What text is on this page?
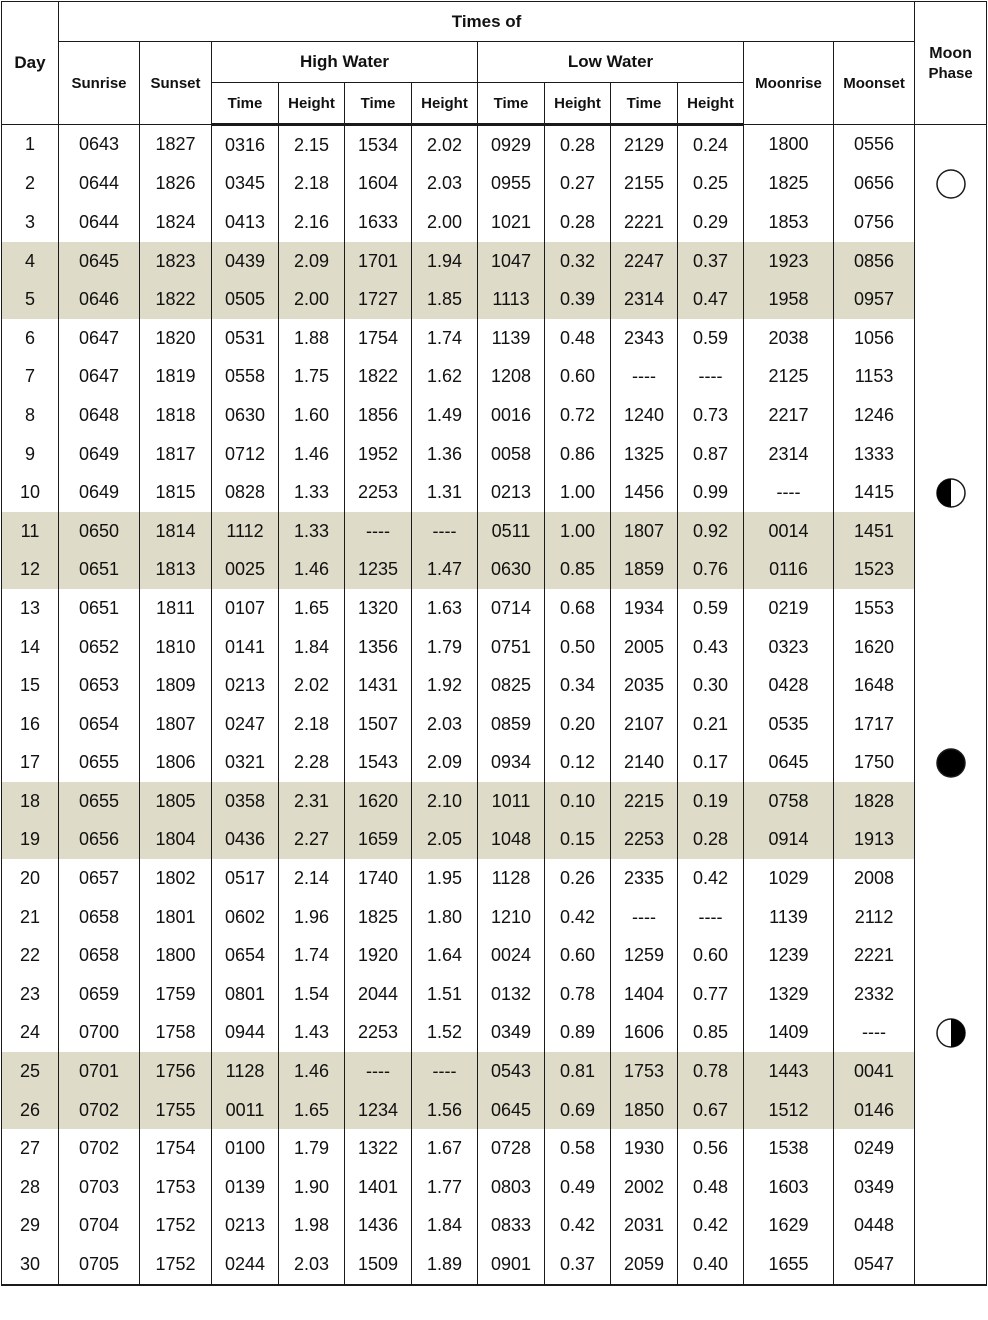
Day	Times of												Moon
Phase
	Sunrise	Sunset	High Water				Low Water				Moonrise	Moonset	
			Time	Height	Time	Height	Time	Height	Time	Height			
1	0643	1827	0316	2.15	1534	2.02	0929	0.28	2129	0.24	1800	0556	
2	0644	1826	0345	2.18	1604	2.03	0955	0.27	2155	0.25	1825	0656	

3	0644	1824	0413	2.16	1633	2.00	1021	0.28	2221	0.29	1853	0756	
4	0645	1823	0439	2.09	1701	1.94	1047	0.32	2247	0.37	1923	0856	
5	0646	1822	0505	2.00	1727	1.85	1113	0.39	2314	0.47	1958	0957	
6	0647	1820	0531	1.88	1754	1.74	1139	0.48	2343	0.59	2038	1056	
7	0647	1819	0558	1.75	1822	1.62	1208	0.60	----	----	2125	1153	
8	0648	1818	0630	1.60	1856	1.49	0016	0.72	1240	0.73	2217	1246	
9	0649	1817	0712	1.46	1952	1.36	0058	0.86	1325	0.87	2314	1333	
10	0649	1815	0828	1.33	2253	1.31	0213	1.00	1456	0.99	----	1415	

11	0650	1814	1112	1.33	----	----	0511	1.00	1807	0.92	0014	1451	
12	0651	1813	0025	1.46	1235	1.47	0630	0.85	1859	0.76	0116	1523	
13	0651	1811	0107	1.65	1320	1.63	0714	0.68	1934	0.59	0219	1553	
14	0652	1810	0141	1.84	1356	1.79	0751	0.50	2005	0.43	0323	1620	
15	0653	1809	0213	2.02	1431	1.92	0825	0.34	2035	0.30	0428	1648	
16	0654	1807	0247	2.18	1507	2.03	0859	0.20	2107	0.21	0535	1717	
17	0655	1806	0321	2.28	1543	2.09	0934	0.12	2140	0.17	0645	1750	

18	0655	1805	0358	2.31	1620	2.10	1011	0.10	2215	0.19	0758	1828	
19	0656	1804	0436	2.27	1659	2.05	1048	0.15	2253	0.28	0914	1913	
20	0657	1802	0517	2.14	1740	1.95	1128	0.26	2335	0.42	1029	2008	
21	0658	1801	0602	1.96	1825	1.80	1210	0.42	----	----	1139	2112	
22	0658	1800	0654	1.74	1920	1.64	0024	0.60	1259	0.60	1239	2221	
23	0659	1759	0801	1.54	2044	1.51	0132	0.78	1404	0.77	1329	2332	
24	0700	1758	0944	1.43	2253	1.52	0349	0.89	1606	0.85	1409	----	

25	0701	1756	1128	1.46	----	----	0543	0.81	1753	0.78	1443	0041	
26	0702	1755	0011	1.65	1234	1.56	0645	0.69	1850	0.67	1512	0146	
27	0702	1754	0100	1.79	1322	1.67	0728	0.58	1930	0.56	1538	0249	
28	0703	1753	0139	1.90	1401	1.77	0803	0.49	2002	0.48	1603	0349	
29	0704	1752	0213	1.98	1436	1.84	0833	0.42	2031	0.42	1629	0448	
30	0705	1752	0244	2.03	1509	1.89	0901	0.37	2059	0.40	1655	0547	
